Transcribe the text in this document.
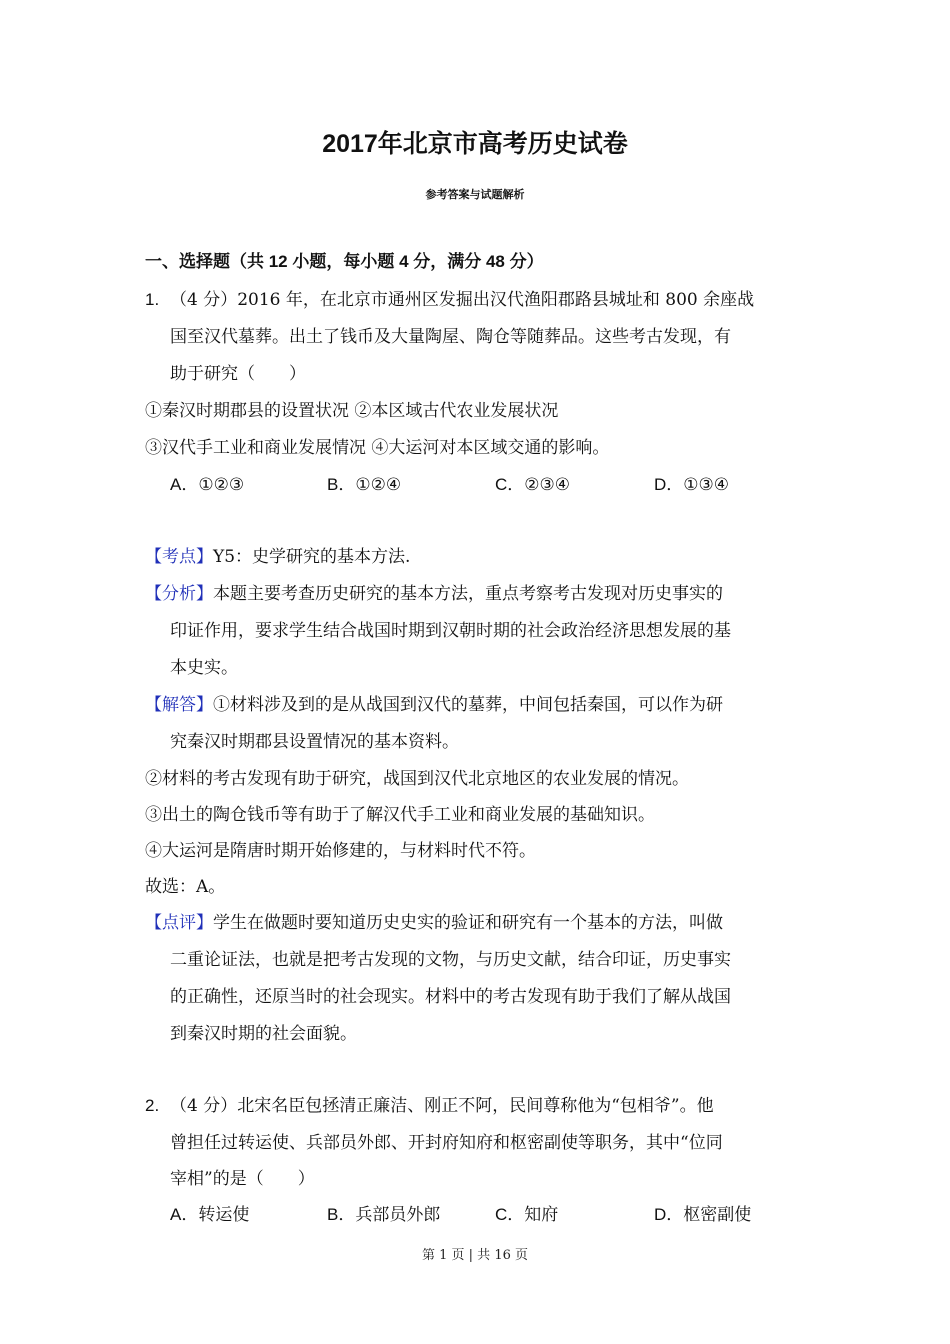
2017年北京市高考历史试卷
参考答案与试题解析
一、选择题（共 12 小题，每小题 4 分，满分 48 分）
1. （4 分）2016 年，在北京市通州区发掘出汉代渔阳郡路县城址和 800 余座战
国至汉代墓葬。出土了钱币及大量陶屋、陶仓等随葬品。这些考古发现，有
助于研究（　　）
①秦汉时期郡县的设置状况 ②本区域古代农业发展状况
③汉代手工业和商业发展情况 ④大运河对本区域交通的影响。
A．①②③	B．①②④	C．②③④	D．①③④
【考点】Y5：史学研究的基本方法.
【分析】本题主要考查历史研究的基本方法，重点考察考古发现对历史事实的
印证作用，要求学生结合战国时期到汉朝时期的社会政治经济思想发展的基
本史实。
【解答】①材料涉及到的是从战国到汉代的墓葬，中间包括秦国，可以作为研
究秦汉时期郡县设置情况的基本资料。
②材料的考古发现有助于研究，战国到汉代北京地区的农业发展的情况。
③出土的陶仓钱币等有助于了解汉代手工业和商业发展的基础知识。
④大运河是隋唐时期开始修建的，与材料时代不符。
故选：A。
【点评】学生在做题时要知道历史史实的验证和研究有一个基本的方法，叫做
二重论证法，也就是把考古发现的文物，与历史文献，结合印证，历史事实
的正确性，还原当时的社会现实。材料中的考古发现有助于我们了解从战国
到秦汉时期的社会面貌。
2. （4 分）北宋名臣包拯清正廉洁、刚正不阿，民间尊称他为“包相爷”。他
曾担任过转运使、兵部员外郎、开封府知府和枢密副使等职务，其中“位同
宰相”的是（　　）
A．转运使	B．兵部员外郎	C．知府	D．枢密副使
第 1 页 | 共 16 页
